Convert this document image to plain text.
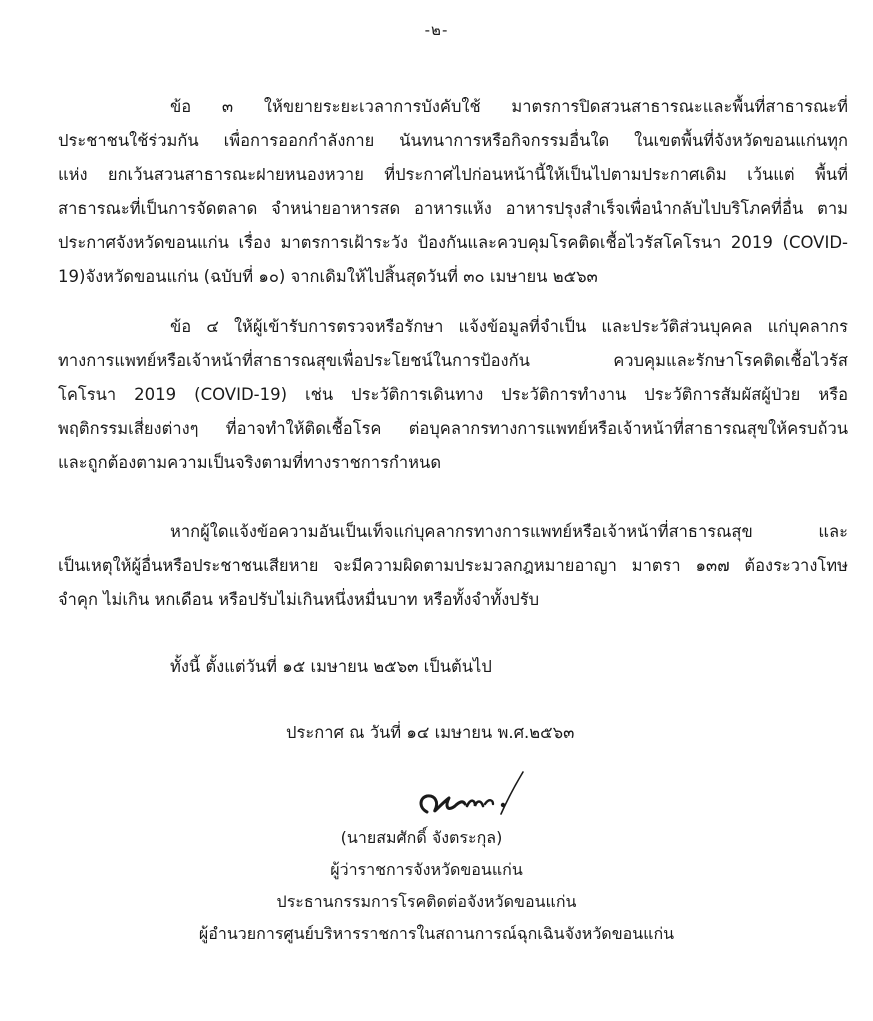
-๒-
ข้อ ๓ ให้ขยายระยะเวลาการบังคับใช้ มาตรการปิดสวนสาธารณะและพื้นที่สาธารณะที่
ประชาชนใช้ร่วมกัน เพื่อการออกกำลังกาย นันทนาการหรือกิจกรรมอื่นใด ในเขตพื้นที่จังหวัดขอนแก่นทุก
แห่ง ยกเว้นสวนสาธารณะฝายหนองหวาย ที่ประกาศไปก่อนหน้านี้ให้เป็นไปตามประกาศเดิม เว้นแต่ พื้นที่
สาธารณะที่เป็นการจัดตลาด จำหน่ายอาหารสด อาหารแห้ง อาหารปรุงสำเร็จเพื่อนำกลับไปบริโภคที่อื่น ตาม
ประกาศจังหวัดขอนแก่น เรื่อง มาตรการเฝ้าระวัง ป้องกันและควบคุมโรคติดเชื้อไวรัสโคโรนา 2019 (COVID-
19)จังหวัดขอนแก่น (ฉบับที่ ๑๐) จากเดิมให้ไปสิ้นสุดวันที่ ๓๐ เมษายน ๒๕๖๓
ข้อ ๔ ให้ผู้เข้ารับการตรวจหรือรักษา แจ้งข้อมูลที่จำเป็น และประวัติส่วนบุคคล แก่บุคลากร
ทางการแพทย์หรือเจ้าหน้าที่สาธารณสุขเพื่อประโยชน์ในการป้องกัน ควบคุมและรักษาโรคติดเชื้อไวรัส
โคโรนา 2019 (COVID-19) เช่น ประวัติการเดินทาง ประวัติการทำงาน ประวัติการสัมผัสผู้ป่วย หรือ
พฤติกรรมเสี่ยงต่างๆ ที่อาจทำให้ติดเชื้อโรค ต่อบุคลากรทางการแพทย์หรือเจ้าหน้าที่สาธารณสุขให้ครบถ้วน
และถูกต้องตามความเป็นจริงตามที่ทางราชการกำหนด
หากผู้ใดแจ้งข้อความอันเป็นเท็จแก่บุคลากรทางการแพทย์หรือเจ้าหน้าที่สาธารณสุข และ
เป็นเหตุให้ผู้อื่นหรือประชาชนเสียหาย จะมีความผิดตามประมวลกฎหมายอาญา มาตรา ๑๓๗ ต้องระวางโทษ
จำคุก ไม่เกิน หกเดือน หรือปรับไม่เกินหนึ่งหมื่นบาท หรือทั้งจำทั้งปรับ
ทั้งนี้ ตั้งแต่วันที่ ๑๕ เมษายน ๒๕๖๓ เป็นต้นไป
ประกาศ ณ วันที่ ๑๔ เมษายน พ.ศ.๒๕๖๓
(นายสมศักดิ์ จังตระกุล)
ผู้ว่าราชการจังหวัดขอนแก่น
ประธานกรรมการโรคติดต่อจังหวัดขอนแก่น
ผู้อำนวยการศูนย์บริหารราชการในสถานการณ์ฉุกเฉินจังหวัดขอนแก่น
